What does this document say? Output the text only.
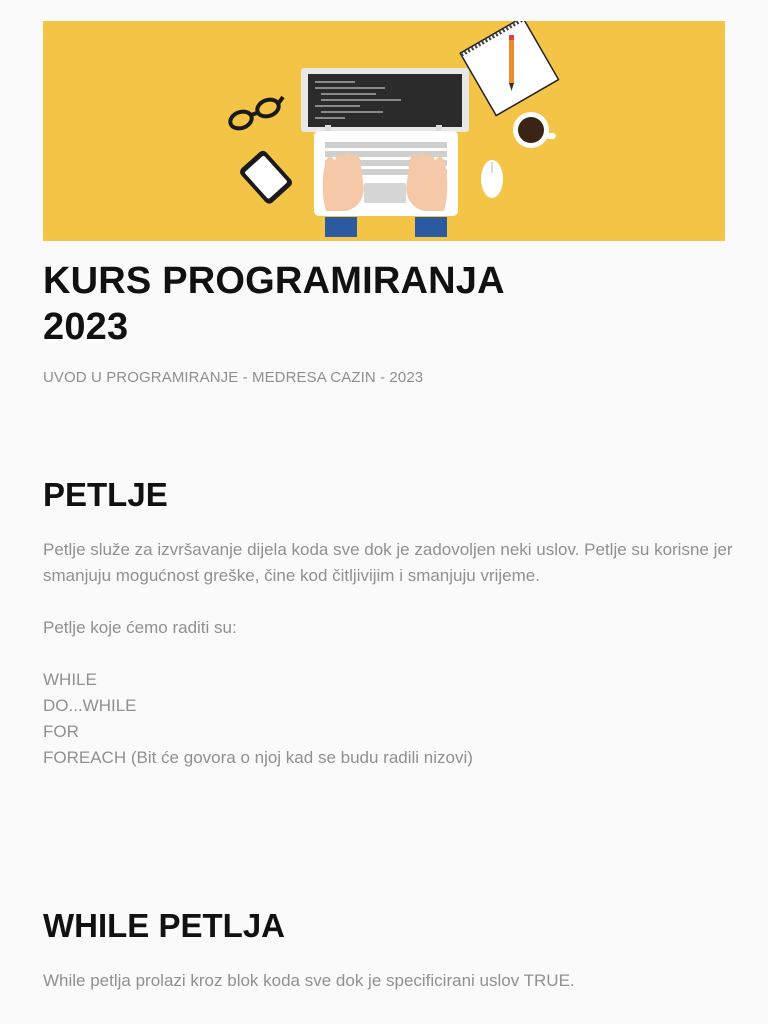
KURS PROGRAMIRANJA
2023
UVOD U PROGRAMIRANJE - MEDRESA CAZIN - 2023
PETLJE

Petlje služe za izvršavanje dijela koda sve dok je zadovoljen neki uslov. Petlje su korisne jer smanjuju mogućnost greške, čine kod čitljivijim i smanjuju vrijeme.

Petlje koje ćemo raditi su:

WHILE
DO...WHILE
FOR
FOREACH (Bit će govora o njoj kad se budu radili nizovi)
WHILE PETLJA

While petlja prolazi kroz blok koda sve dok je specificirani uslov TRUE.
